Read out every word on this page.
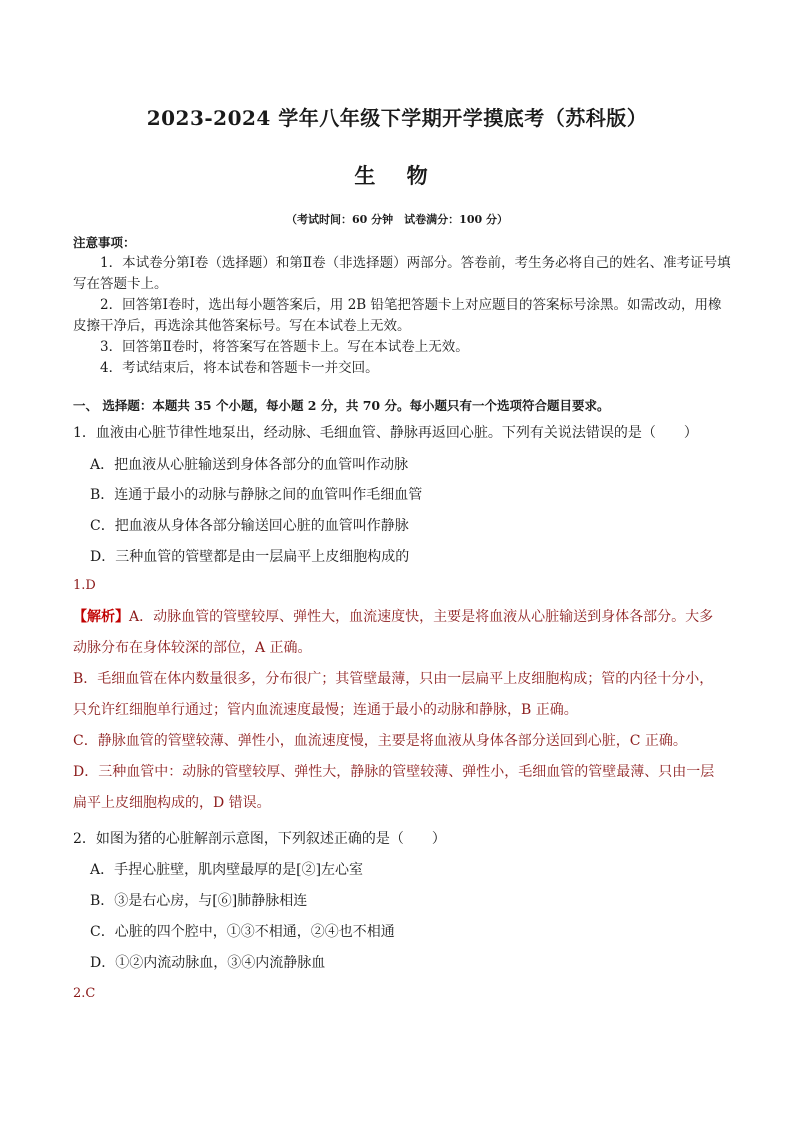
2023-2024 学年八年级下学期开学摸底考（苏科版）
生 物
（考试时间：60 分钟　试卷满分：100 分）
注意事项：

1．本试卷分第Ⅰ卷（选择题）和第Ⅱ卷（非选择题）两部分。答卷前，考生务必将自己的姓名、准考证号填写在答题卡上。

2．回答第Ⅰ卷时，选出每小题答案后，用 2B 铅笔把答题卡上对应题目的答案标号涂黑。如需改动，用橡皮擦干净后，再选涂其他答案标号。写在本试卷上无效。

3．回答第Ⅱ卷时，将答案写在答题卡上。写在本试卷上无效。

4．考试结束后，将本试卷和答题卡一并交回。

一、 选择题：本题共 35 个小题，每小题 2 分，共 70 分。每小题只有一个选项符合题目要求。
1．血液由心脏节律性地泵出，经动脉、毛细血管、静脉再返回心脏。下列有关说法错误的是（　　）
A．把血液从心脏输送到身体各部分的血管叫作动脉
B．连通于最小的动脉与静脉之间的血管叫作毛细血管
C．把血液从身体各部分输送回心脏的血管叫作静脉
D．三种血管的管壁都是由一层扁平上皮细胞构成的
1.D

【解析】A．动脉血管的管壁较厚、弹性大，血流速度快，主要是将血液从心脏输送到身体各部分。大多动脉分布在身体较深的部位，A 正确。

B．毛细血管在体内数量很多，分布很广；其管壁最薄，只由一层扁平上皮细胞构成；管的内径十分小，只允许红细胞单行通过；管内血流速度最慢；连通于最小的动脉和静脉，B 正确。

C．静脉血管的管壁较薄、弹性小，血流速度慢，主要是将血液从身体各部分送回到心脏，C 正确。

D．三种血管中：动脉的管壁较厚、弹性大，静脉的管壁较薄、弹性小，毛细血管的管壁最薄、只由一层扁平上皮细胞构成的，D 错误。

2．如图为猪的心脏解剖示意图，下列叙述正确的是（　　）
A．手捏心脏壁，肌肉壁最厚的是[②]左心室
B．③是右心房，与[⑥]肺静脉相连
C．心脏的四个腔中，①③不相通，②④也不相通
D．①②内流动脉血，③④内流静脉血
2.C
